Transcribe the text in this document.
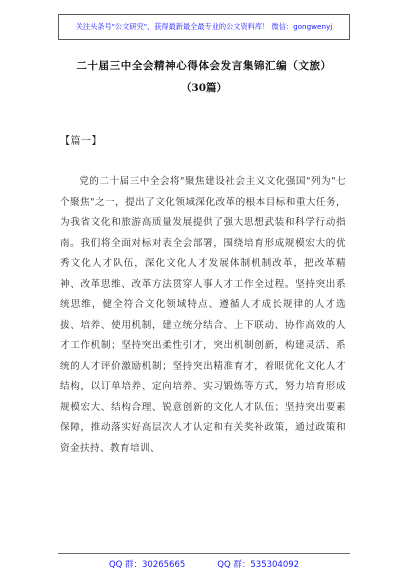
关注头条号"公文研究"，获得最新最全最专业的公文资料库！ 微信：gongwenyj
二十届三中全会精神心得体会发言集锦汇编（文旅）
（30篇）
【篇一】

党的二十届三中全会将"聚焦建设社会主义文化强国"列为"七个聚焦"之一，提出了文化领域深化改革的根本目标和重大任务，为我省文化和旅游高质量发展提供了强大思想武装和科学行动指南。我们将全面对标对表全会部署，围绕培育形成规模宏大的优秀文化人才队伍，深化文化人才发展体制机制改革，把改革精神、改革思维、改革方法贯穿人事人才工作全过程。坚持突出系统思维，健全符合文化领域特点、遵循人才成长规律的人才选拔、培养、使用机制，建立统分结合、上下联动、协作高效的人才工作机制；坚持突出柔性引才，突出机制创新，构建灵活、系统的人才评价激励机制；坚持突出精准育才，着眼优化文化人才结构，以订单培养、定向培养、实习锻炼等方式，努力培育形成规模宏大、结构合理、锐意创新的文化人才队伍；坚持突出要素保障，推动落实好高层次人才认定和有关奖补政策，通过政策和资金扶持、教育培训、

QQ 群：30265665	QQ 群：535304092
